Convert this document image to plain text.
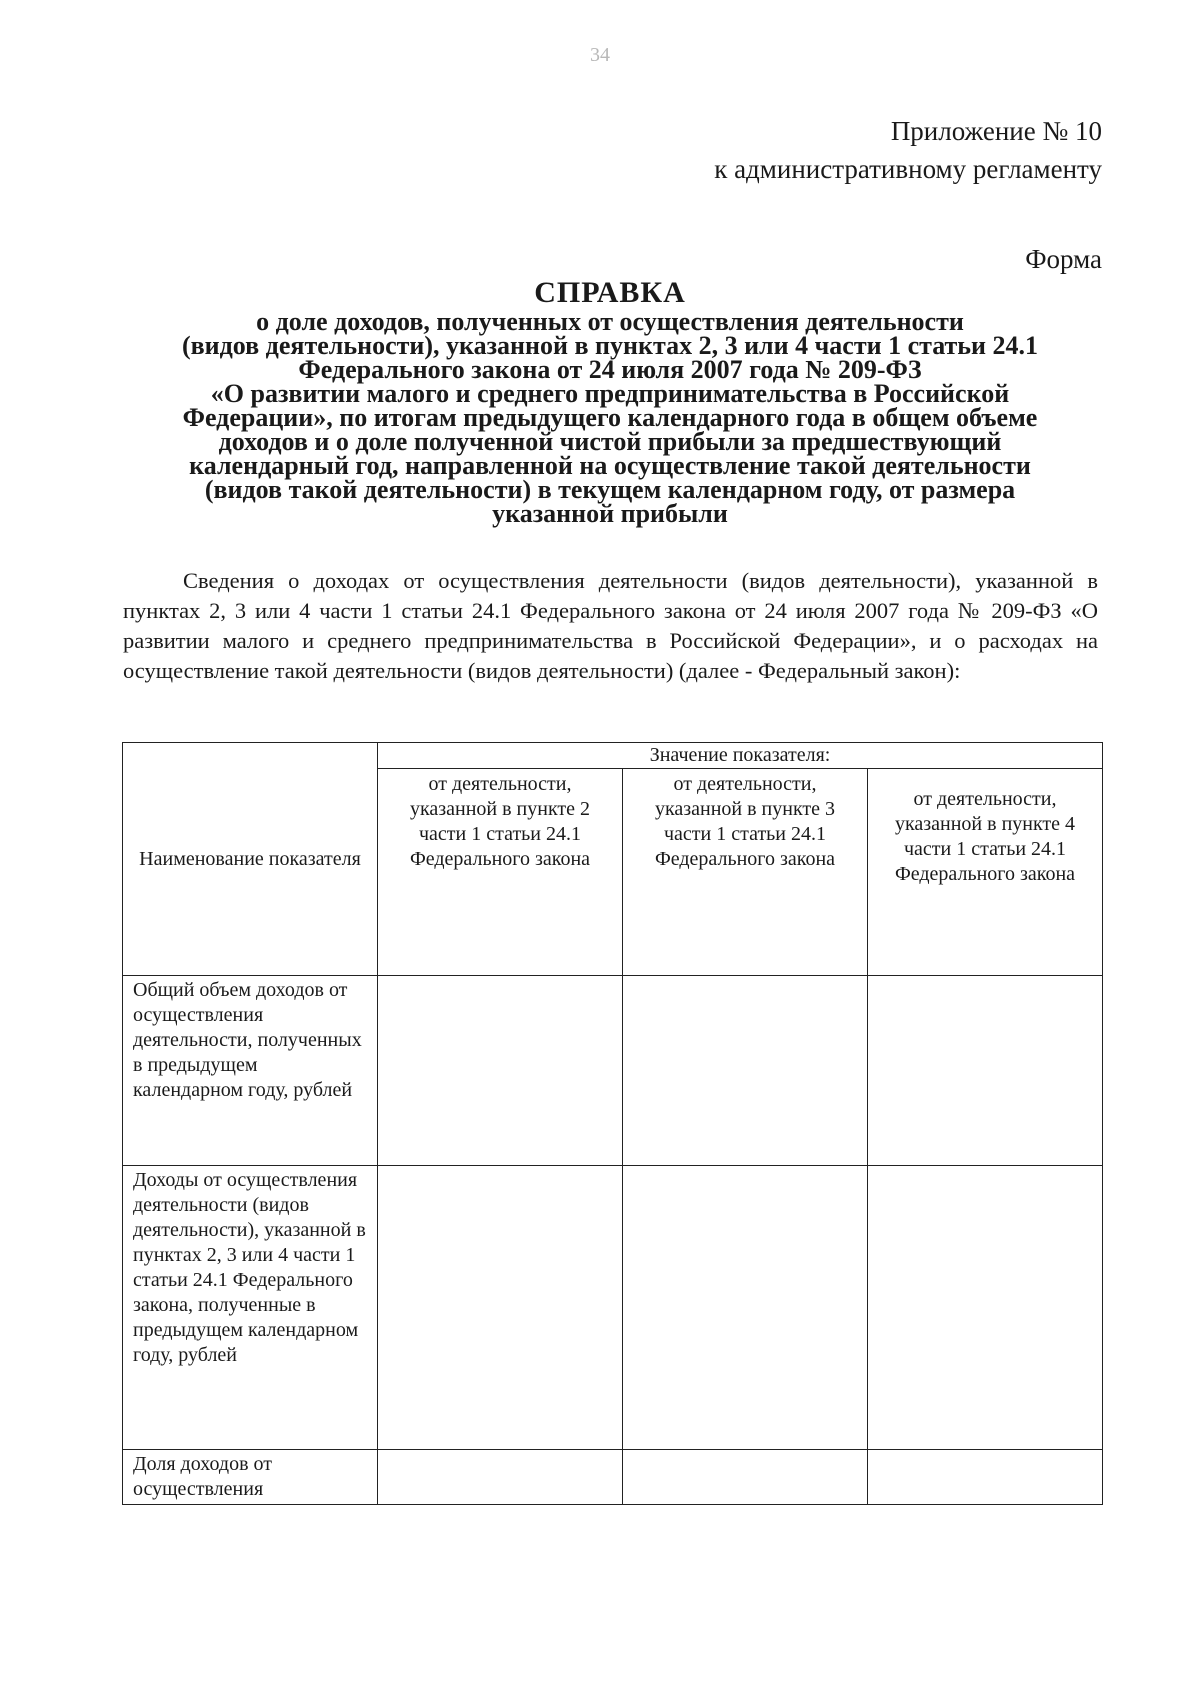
34
Приложение № 10
к административному регламенту
Форма
СПРАВКА
о доле доходов, полученных от осуществления деятельности
(видов деятельности), указанной в пунктах 2, 3 или 4 части 1 статьи 24.1
Федерального закона от 24 июля 2007 года № 209-ФЗ
«О развитии малого и среднего предпринимательства в Российской
Федерации», по итогам предыдущего календарного года в общем объеме
доходов и о доле полученной чистой прибыли за предшествующий
календарный год, направленной на осуществление такой деятельности
(видов такой деятельности) в текущем календарном году, от размера
указанной прибыли

Сведения о доходах от осуществления деятельности (видов деятельности), указанной в пунктах 2, 3 или 4 части 1 статьи 24.1 Федерального закона от 24 июля 2007 года № 209-ФЗ «О развитии малого и среднего предпринимательства в Российской Федерации», и о расходах на осуществление такой деятельности (видов деятельности) (далее - Федеральный закон):

Наименование показателя	Значение показателя:		
	от деятельности, указанной в пункте 2 части 1 статьи 24.1 Федерального закона	от деятельности, указанной в пункте 3 части 1 статьи 24.1 Федерального закона	от деятельности, указанной в пункте 4 части 1 статьи 24.1 Федерального закона
Общий объем доходов от осуществления деятельности, полученных в предыдущем календарном году, рублей			
Доходы от осуществления деятельности (видов деятельности), указанной в пунктах 2, 3 или 4 части 1 статьи 24.1 Федерального закона, полученные в предыдущем календарном году, рублей			
Доля доходов от осуществления			
